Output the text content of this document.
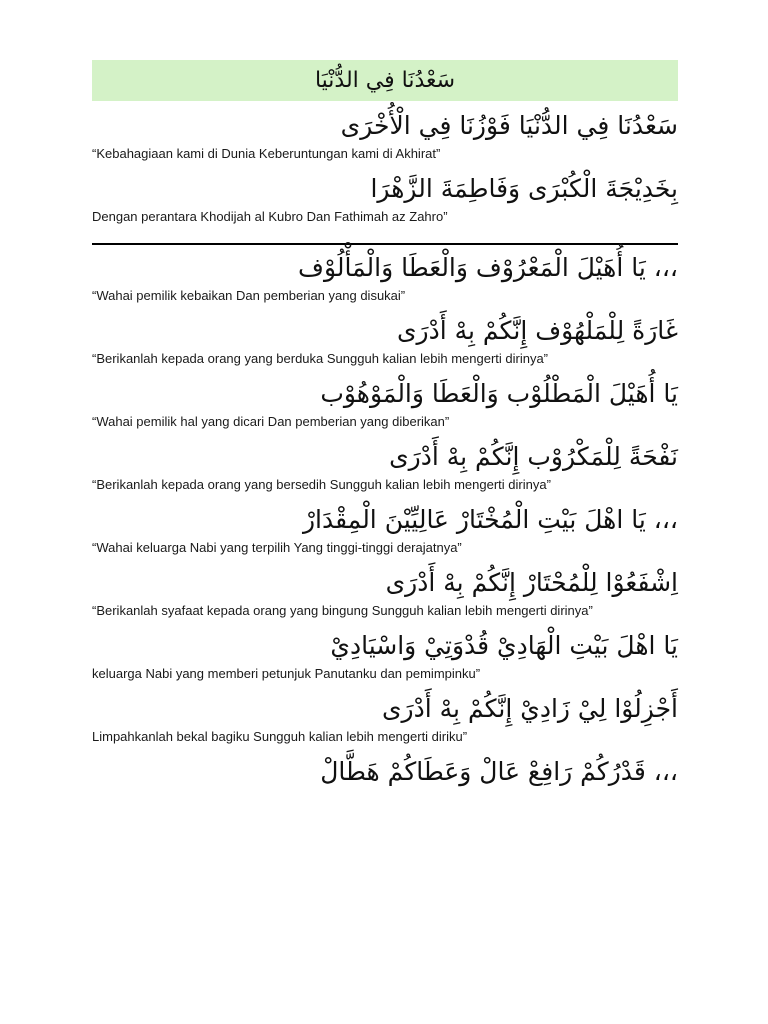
سَعْدُنَا فِي الدُّنْيَا

سَعْدُنَا فِي الدُّنْيَا فَوْزُنَا فِي الْأُخْرَى

“Kebahagiaan kami di Dunia Keberuntungan kami di Akhirat”

بِخَدِيْجَةَ الْكُبْرَى وَفَاطِمَةَ الزَّهْرَا

Dengan perantara Khodijah al Kubro Dan Fathimah az Zahro”

،،، يَا أُهَيْلَ الْمَعْرُوْف وَالْعَطَا وَالْمَأْلُوْف

“Wahai pemilik kebaikan Dan pemberian yang disukai”

غَارَةً لِلْمَلْهُوْف إِنَّكُمْ بِهْ أَدْرَى

“Berikanlah kepada orang yang berduka Sungguh kalian lebih mengerti dirinya”

يَا أُهَيْلَ الْمَطْلُوْب وَالْعَطَا وَالْمَوْهُوْب

“Wahai pemilik hal yang dicari Dan pemberian yang diberikan”

نَفْحَةً لِلْمَكْرُوْب إِنَّكُمْ بِهْ أَدْرَى

“Berikanlah kepada orang yang bersedih Sungguh kalian lebih mengerti dirinya”

،،، يَا اهْلَ بَيْتِ الْمُخْتَارْ عَالِيِّيْنَ الْمِقْدَارْ

“Wahai keluarga Nabi yang terpilih Yang tinggi-tinggi derajatnya”

اِشْفَعُوْا لِلْمُحْتَارْ إِنَّكُمْ بِهْ أَدْرَى

“Berikanlah syafaat kepada orang yang bingung Sungguh kalian lebih mengerti dirinya”

يَا اهْلَ بَيْتِ الْهَادِيْ قُدْوَتِيْ وَاسْيَادِيْ

keluarga Nabi yang memberi petunjuk Panutanku dan pemimpinku”

أَجْزِلُوْا لِيْ زَادِيْ إِنَّكُمْ بِهْ أَدْرَى

Limpahkanlah bekal bagiku Sungguh kalian lebih mengerti diriku”

،،، قَدْرُكُمْ رَافِعْ عَالْ وَعَطَاكُمْ هَطَّالْ
